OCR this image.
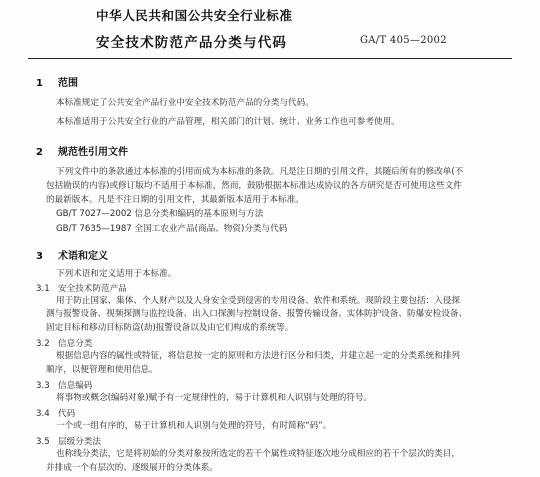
中华人民共和国公共安全行业标准
安全技术防范产品分类与代码	GA/T 405—2002
1 范围
本标准规定了公共安全产品行业中安全技术防范产品的分类与代码。
本标准适用于公共安全行业的产品管理，相关部门的计划、统计、业务工作也可参考使用。
2 规范性引用文件
下列文件中的条款通过本标准的引用而成为本标准的条款。凡是注日期的引用文件，其随后所有的修改单(不
包括勘误的内容)或修订版均不适用于本标准，然而，鼓励根据本标准达成协议的各方研究是否可使用这些文件
的最新版本。凡是不注日期的引用文件，其最新版本适用于本标准。
GB/T 7027—2002 信息分类和编码的基本原则与方法
GB/T 7635—1987 全国工农业产品(商品、物资)分类与代码
3 术语和定义
下列术语和定义适用于本标准。
3.1 安全技术防范产品
用于防止国家、集体、个人财产以及人身安全受到侵害的专用设备、软件和系统。现阶段主要包括：入侵探
测与报警设备、视频探测与监控设备、出入口探测与控制设备、报警传输设备、实体防护设备、防爆安检设备、
固定目标和移动目标防盗(劫)报警设备以及由它们构成的系统等。
3.2 信息分类
根据信息内容的属性或特征，将信息按一定的原则和方法进行区分和归类，并建立起一定的分类系统和排列
顺序，以便管理和使用信息。
3.3 信息编码
将事物或概念(编码对象)赋予有一定规律性的，易于计算机和人识别与处理的符号。
3.4 代码
一个或一组有序的，易于计算机和人识别与处理的符号，有时简称“码”。
3.5 层级分类法
也称线分类法，它是将初始的分类对象按所选定的若干个属性或特征逐次地分成相应的若干个层次的类目，
并排成一个有层次的、逐级展开的分类体系。
